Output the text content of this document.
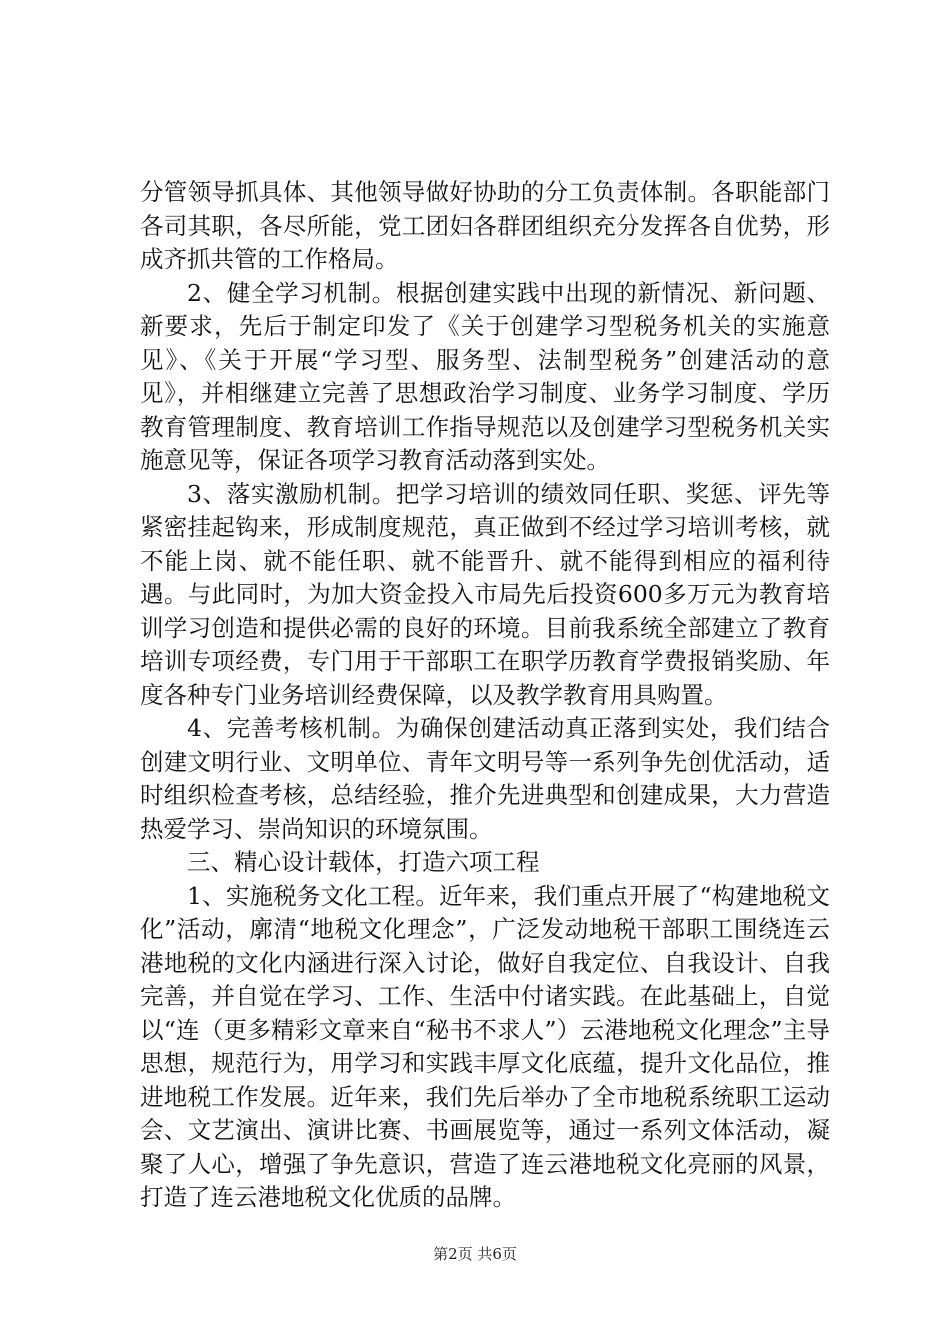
分管领导抓具体、其他领导做好协助的分工负责体制。各职能部门各司其职，各尽所能，党工团妇各群团组织充分发挥各自优势，形成齐抓共管的工作格局。

2、健全学习机制。根据创建实践中出现的新情况、新问题、新要求，先后于制定印发了《关于创建学习型税务机关的实施意见》、《关于开展“学习型、服务型、法制型税务”创建活动的意见》，并相继建立完善了思想政治学习制度、业务学习制度、学历教育管理制度、教育培训工作指导规范以及创建学习型税务机关实施意见等，保证各项学习教育活动落到实处。

3、落实激励机制。把学习培训的绩效同任职、奖惩、评先等紧密挂起钩来，形成制度规范，真正做到不经过学习培训考核，就不能上岗、就不能任职、就不能晋升、就不能得到相应的福利待遇。与此同时，为加大资金投入市局先后投资600多万元为教育培训学习创造和提供必需的良好的环境。目前我系统全部建立了教育培训专项经费，专门用于干部职工在职学历教育学费报销奖励、年度各种专门业务培训经费保障，以及教学教育用具购置。

4、完善考核机制。为确保创建活动真正落到实处，我们结合创建文明行业、文明单位、青年文明号等一系列争先创优活动，适时组织检查考核，总结经验，推介先进典型和创建成果，大力营造热爱学习、崇尚知识的环境氛围。

三、精心设计载体，打造六项工程

1、实施税务文化工程。近年来，我们重点开展了“构建地税文化”活动，廓清“地税文化理念”，广泛发动地税干部职工围绕连云港地税的文化内涵进行深入讨论，做好自我定位、自我设计、自我完善，并自觉在学习、工作、生活中付诸实践。在此基础上，自觉以“连（更多精彩文章来自“秘书不求人”）云港地税文化理念”主导思想，规范行为，用学习和实践丰厚文化底蕴，提升文化品位，推进地税工作发展。近年来，我们先后举办了全市地税系统职工运动会、文艺演出、演讲比赛、书画展览等，通过一系列文体活动，凝聚了人心，增强了争先意识，营造了连云港地税文化亮丽的风景，打造了连云港地税文化优质的品牌。

第2页 共6页
